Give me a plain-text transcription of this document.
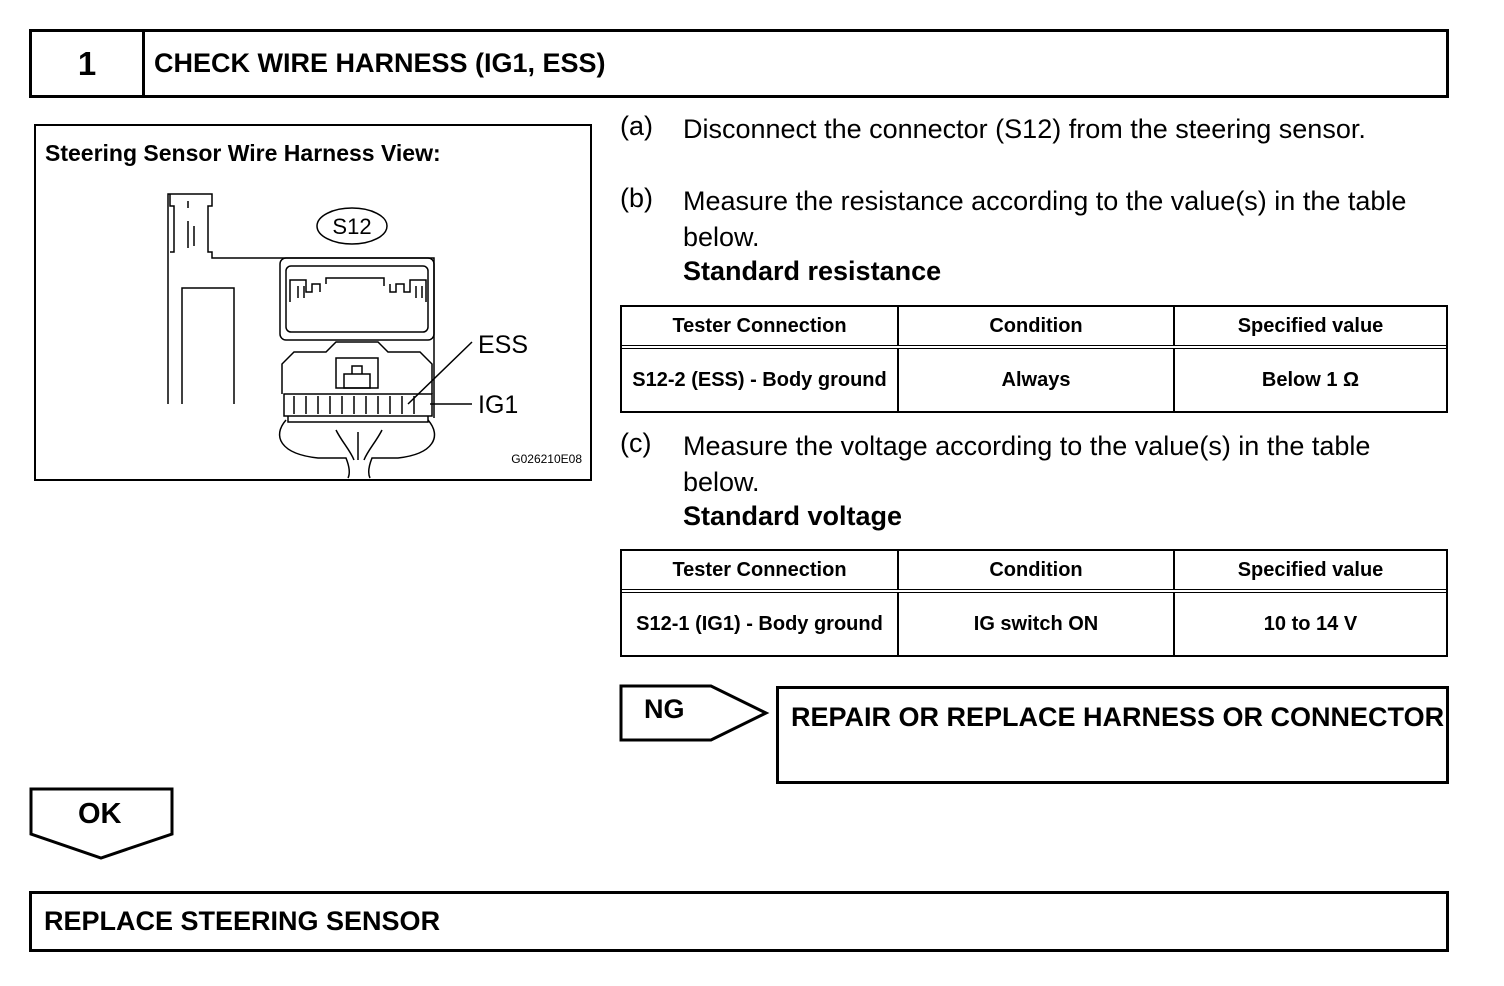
1	CHECK WIRE HARNESS (IG1, ESS)
S12
ESS
IG1
Steering Sensor Wire Harness View:
G026210E08
(a) Disconnect the connector (S12) from the steering sensor.
(b) Measure the resistance according to the value(s) in the table below.
Standard resistance
Tester Connection	Condition	Specified value
S12-2 (ESS) - Body ground	Always	Below 1 Ω
(c) Measure the voltage according to the value(s) in the table below.
Standard voltage
Tester Connection	Condition	Specified value
S12-1 (IG1) - Body ground	IG switch ON	10 to 14 V
NG	REPAIR OR REPLACE HARNESS OR CONNECTOR
OK
REPLACE STEERING SENSOR
